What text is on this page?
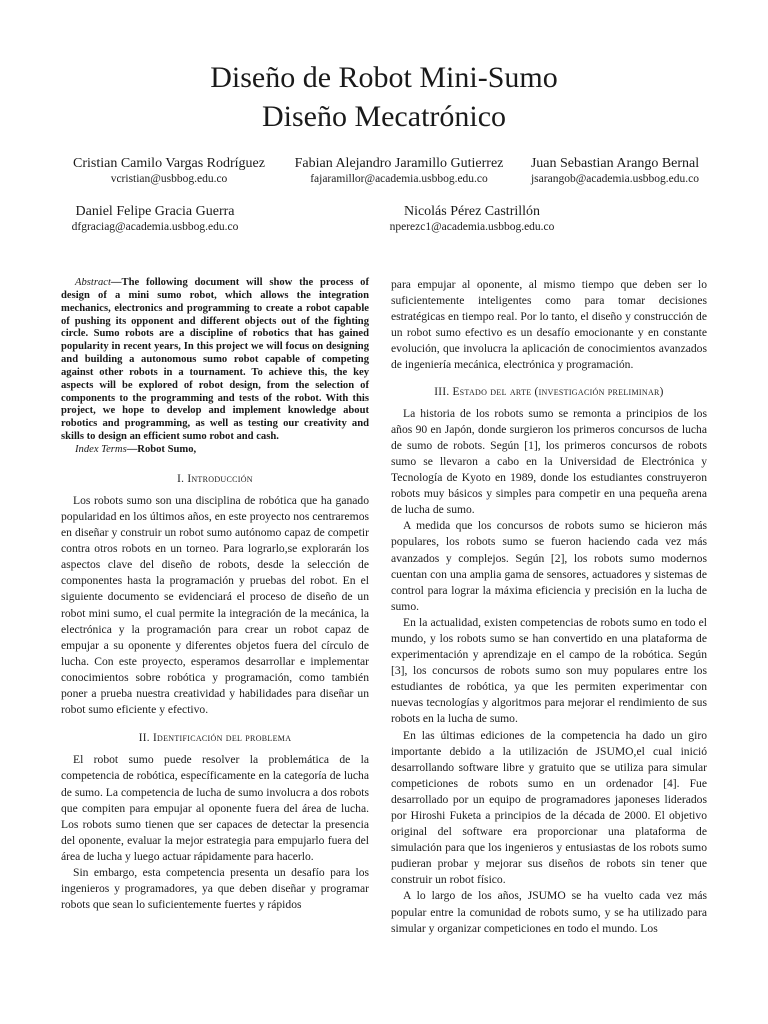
Diseño de Robot Mini-Sumo
Diseño Mecatrónico
Cristian Camilo Vargas Rodríguez
vcristian@usbbog.edu.co
Fabian Alejandro Jaramillo Gutierrez
fajaramillor@academia.usbbog.edu.co
Juan Sebastian Arango Bernal
jsarangob@academia.usbbog.edu.co
Daniel Felipe Gracia Guerra
dfgraciag@academia.usbbog.edu.co
Nicolás Pérez Castrillón
nperezc1@academia.usbbog.edu.co

Abstract—The following document will show the process of design of a mini sumo robot, which allows the integration mechanics, electronics and programming to create a robot capable of pushing its opponent and different objects out of the fighting circle. Sumo robots are a discipline of robotics that has gained popularity in recent years, In this project we will focus on designing and building a autonomous sumo robot capable of competing against other robots in a tournament. To achieve this, the key aspects will be explored of robot design, from the selection of components to the programming and tests of the robot. With this project, we hope to develop and implement knowledge about robotics and programming, as well as testing our creativity and skills to design an efficient sumo robot and cash.

Index Terms—Robot Sumo,

I. Introducción

Los robots sumo son una disciplina de robótica que ha ganado popularidad en los últimos años, en este proyecto nos centraremos en diseñar y construir un robot sumo autónomo capaz de competir contra otros robots en un torneo. Para lograrlo,se explorarán los aspectos clave del diseño de robots, desde la selección de componentes hasta la programación y pruebas del robot. En el siguiente documento se evidenciará el proceso de diseño de un robot mini sumo, el cual permite la integración de la mecánica, la electrónica y la programación para crear un robot capaz de empujar a su oponente y diferentes objetos fuera del círculo de lucha. Con este proyecto, esperamos desarrollar e implementar conocimientos sobre robótica y programación, como también poner a prueba nuestra creatividad y habilidades para diseñar un robot sumo eficiente y efectivo.

II. Identificación del problema

El robot sumo puede resolver la problemática de la competencia de robótica, específicamente en la categoría de lucha de sumo. La competencia de lucha de sumo involucra a dos robots que compiten para empujar al oponente fuera del área de lucha. Los robots sumo tienen que ser capaces de detectar la presencia del oponente, evaluar la mejor estrategia para empujarlo fuera del área de lucha y luego actuar rápidamente para hacerlo.

Sin embargo, esta competencia presenta un desafío para los ingenieros y programadores, ya que deben diseñar y programar robots que sean lo suficientemente fuertes y rápidos

para empujar al oponente, al mismo tiempo que deben ser lo suficientemente inteligentes como para tomar decisiones estratégicas en tiempo real. Por lo tanto, el diseño y construcción de un robot sumo efectivo es un desafío emocionante y en constante evolución, que involucra la aplicación de conocimientos avanzados de ingeniería mecánica, electrónica y programación.

III. Estado del arte (investigación preliminar)

La historia de los robots sumo se remonta a principios de los años 90 en Japón, donde surgieron los primeros concursos de lucha de sumo de robots. Según [1], los primeros concursos de robots sumo se llevaron a cabo en la Universidad de Electrónica y Tecnología de Kyoto en 1989, donde los estudiantes construyeron robots muy básicos y simples para competir en una pequeña arena de lucha de sumo.

A medida que los concursos de robots sumo se hicieron más populares, los robots sumo se fueron haciendo cada vez más avanzados y complejos. Según [2], los robots sumo modernos cuentan con una amplia gama de sensores, actuadores y sistemas de control para lograr la máxima eficiencia y precisión en la lucha de sumo.

En la actualidad, existen competencias de robots sumo en todo el mundo, y los robots sumo se han convertido en una plataforma de experimentación y aprendizaje en el campo de la robótica. Según [3], los concursos de robots sumo son muy populares entre los estudiantes de robótica, ya que les permiten experimentar con nuevas tecnologías y algoritmos para mejorar el rendimiento de sus robots en la lucha de sumo.

En las últimas ediciones de la competencia ha dado un giro importante debido a la utilización de JSUMO,el cual inició desarrollando software libre y gratuito que se utiliza para simular competiciones de robots sumo en un ordenador [4]. Fue desarrollado por un equipo de programadores japoneses liderados por Hiroshi Fuketa a principios de la década de 2000. El objetivo original del software era proporcionar una plataforma de simulación para que los ingenieros y entusiastas de los robots sumo pudieran probar y mejorar sus diseños de robots sin tener que construir un robot físico.

A lo largo de los años, JSUMO se ha vuelto cada vez más popular entre la comunidad de robots sumo, y se ha utilizado para simular y organizar competiciones en todo el mundo. Los
